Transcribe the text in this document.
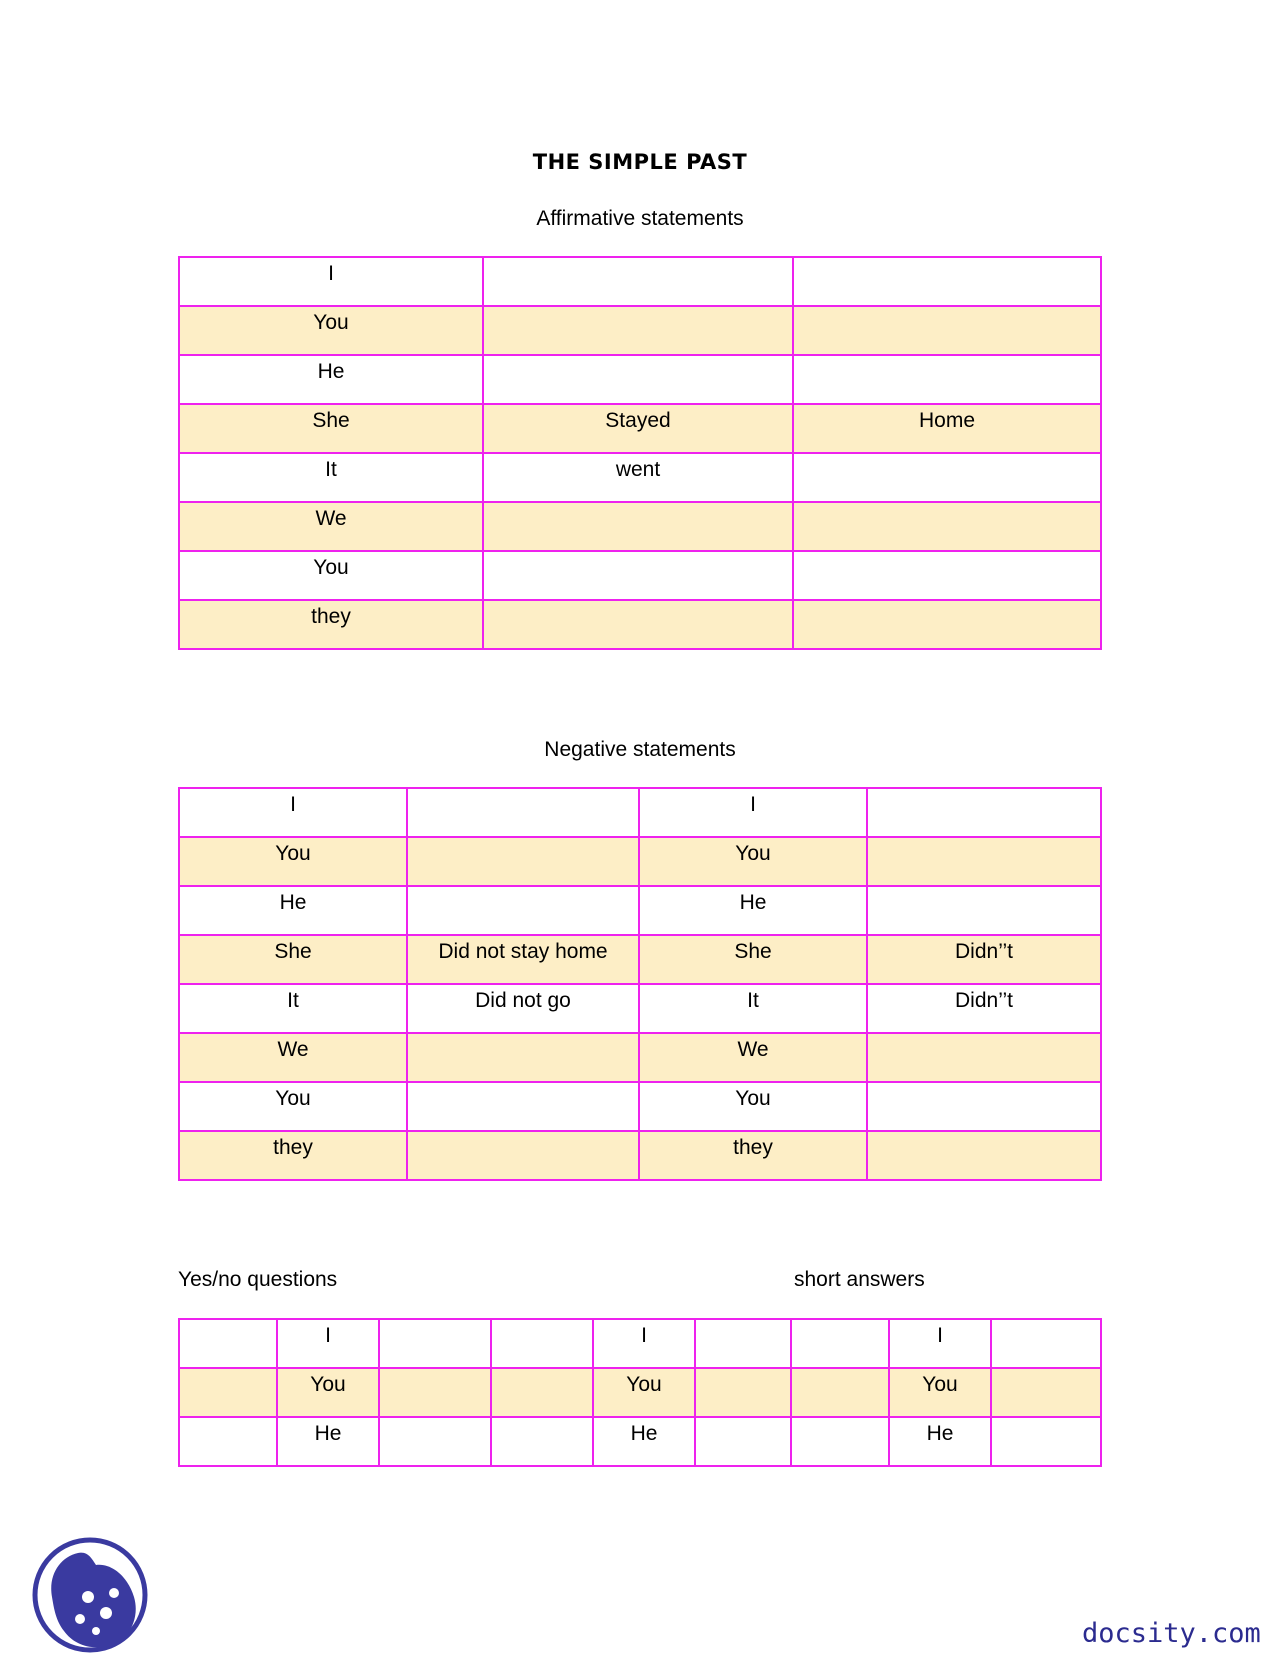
THE SIMPLE PAST
Affirmative statements
I		
You		
He		
She	Stayed	Home
It	went	
We		
You		
they		
Negative statements
I		I	
You		You	
He		He	
She	Did not stay home	She	Didn’’t
It	Did not go	It	Didn’’t
We		We	
You		You	
they		they	
Yes/no questions	short answers
	I			I			I	
	You			You			You	
	He			He			He	
docsity.com
